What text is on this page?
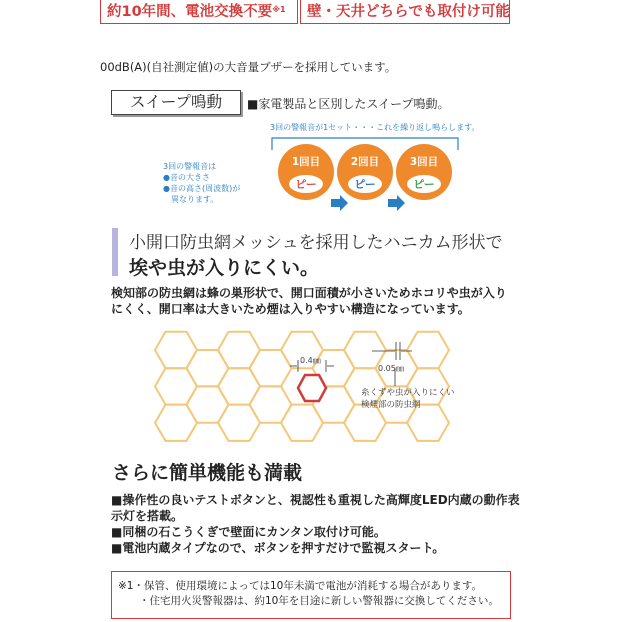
約10年間、電池交換不要$^{※1}$	壁・天井どちらでも取付け可能
00dB(A)(自社測定値)の大音量ブザーを採用しています。
スイープ鳴動	■家電製品と区別したスイープ鳴動。
3回の警報音が1セット・・・これを繰り返し鳴らします。
3回の警報音は
●音の大きさ
●音の高さ(周波数)が
　異なります。
1回目	2回目	3回目
ピー	ピー	ピー
小開口防虫網メッシュを採用したハニカム形状で
埃や虫が入りにくい。
検知部の防虫網は蜂の巣形状で、開口面積が小さいためホコリや虫が入りにくく、開口率は大きいため煙は入りやすい構造になっています。
0.4㎜
0.05㎜
糸くずや虫が入りにくい
検煙部の防虫網
さらに簡単機能も満載
■操作性の良いテストボタンと、視認性も重視した高輝度LED内蔵の動作表示灯を搭載。
■同梱の石こうくぎで壁面にカンタン取付け可能。
■電池内蔵タイプなので、ボタンを押すだけで監視スタート。
※1・保管、使用環境によっては10年未満で電池が消耗する場合があります。
　　・住宅用火災警報器は、約10年を目途に新しい警報器に交換してください。
